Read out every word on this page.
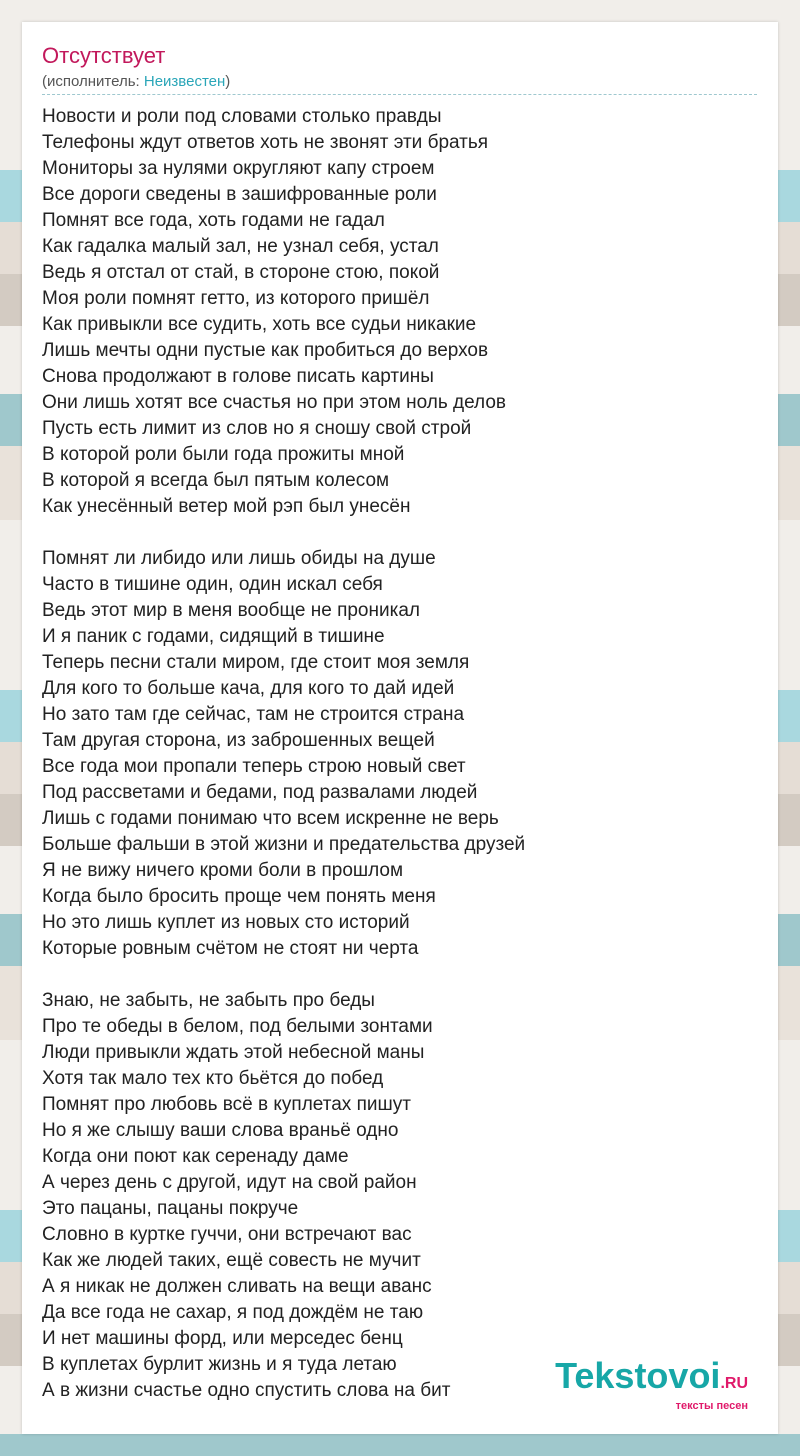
Отсутствует
(исполнитель: Неизвестен)
Новости и роли под словами столько правды
Телефоны ждут ответов хоть не звонят эти братья
Мониторы за нулями округляют капу строем
Все дороги сведены в зашифрованные роли
Помнят все года, хоть годами не гадал
Как гадалка малый зал, не узнал себя, устал
Ведь я отстал от стай, в стороне стою, покой
Моя роли помнят гетто, из которого пришёл
Как привыкли все судить, хоть все судьи никакие
Лишь мечты одни пустые как пробиться до верхов
Снова продолжают в голове писать картины
Они лишь хотят все счастья но при этом ноль делов
Пусть есть лимит из слов но я сношу свой строй
В которой роли были года прожиты мной
В которой я всегда был пятым колесом
Как унесённый ветер мой рэп был унесён
Помнят ли либидо или лишь обиды на душе
Часто в тишине один, один искал себя
Ведь этот мир в меня вообще не проникал
И я паник с годами, сидящий в тишине
Теперь песни стали миром, где стоит моя земля
Для кого то больше кача, для кого то дай идей
Но зато там где сейчас, там не строится страна
Там другая сторона, из заброшенных вещей
Все года мои пропали теперь строю новый свет
Под рассветами и бедами, под развалами людей
Лишь с годами понимаю что всем искренне не верь
Больше фальши в этой жизни и предательства друзей
Я не вижу ничего кроми боли в прошлом
Когда было бросить проще чем понять меня
Но это лишь куплет из новых сто историй
Которые ровным счётом не стоят ни черта
Знаю, не забыть, не забыть про беды
Про те обеды в белом, под белыми зонтами
Люди привыкли ждать этой небесной маны
Хотя так мало тех кто бьётся до побед
Помнят про любовь всё в куплетах пишут
Но я же слышу ваши слова враньё одно
Когда они поют как серенаду даме
А через день с другой, идут на свой район
Это пацаны, пацаны покруче
Словно в куртке гуччи, они встречают вас
Как же людей таких, ещё совесть не мучит
А я никак не должен сливать на вещи аванс
Да все года не сахар, я под дождём не таю
И нет машины форд, или мерседес бенц
В куплетах бурлит жизнь и я туда летаю
А в жизни счастье одно спустить слова на бит	Tekstovoi.RU
тексты песен
